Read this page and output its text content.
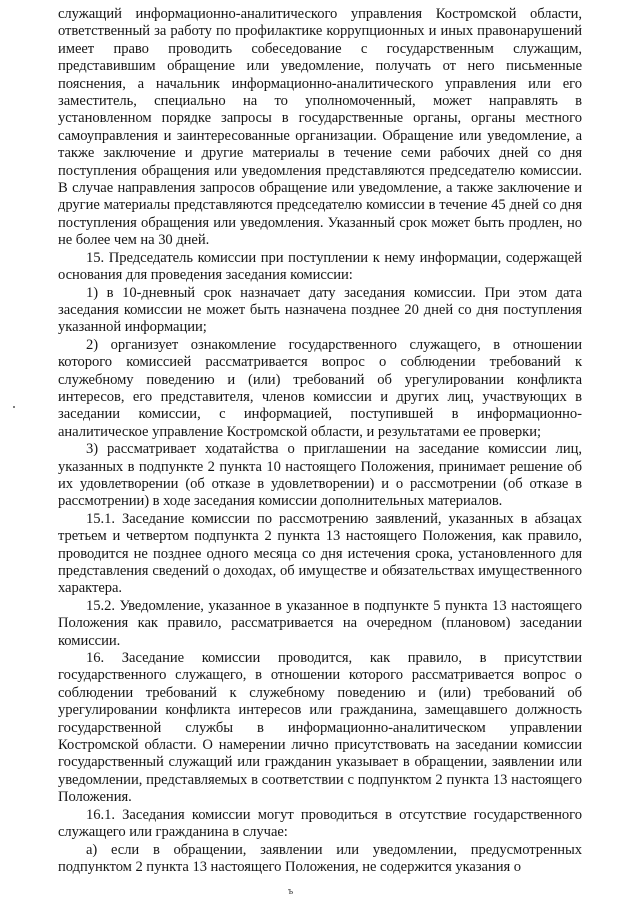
служащий информационно-аналитического управления Костромской области, ответственный за работу по профилактике коррупционных и иных правонарушений имеет право проводить собеседование с государственным служащим, представившим обращение или уведомление, получать от него письменные пояснения, а начальник информационно-аналитического управления или его заместитель, специально на то уполномоченный, может направлять в установленном порядке запросы в государственные органы, органы местного самоуправления и заинтересованные организации. Обращение или уведомление, а также заключение и другие материалы в течение семи рабочих дней со дня поступления обращения или уведомления представляются председателю комиссии. В случае направления запросов обращение или уведомление, а также заключение и другие материалы представляются председателю комиссии в течение 45 дней со дня поступления обращения или уведомления. Указанный срок может быть продлен, но не более чем на 30 дней.

15. Председатель комиссии при поступлении к нему информации, содержащей основания для проведения заседания комиссии:

1) в 10-дневный срок назначает дату заседания комиссии. При этом дата заседания комиссии не может быть назначена позднее 20 дней со дня поступления указанной информации;

2) организует ознакомление государственного служащего, в отношении которого комиссией рассматривается вопрос о соблюдении требований к служебному поведению и (или) требований об урегулировании конфликта интересов, его представителя, членов комиссии и других лиц, участвующих в заседании комиссии, с информацией, поступившей в информационно-аналитическое управление Костромской области, и результатами ее проверки;

3) рассматривает ходатайства о приглашении на заседание комиссии лиц, указанных в подпункте 2 пункта 10 настоящего Положения, принимает решение об их удовлетворении (об отказе в удовлетворении) и о рассмотрении (об отказе в рассмотрении) в ходе заседания комиссии дополнительных материалов.

15.1. Заседание комиссии по рассмотрению заявлений, указанных в абзацах третьем и четвертом подпункта 2 пункта 13 настоящего Положения, как правило, проводится не позднее одного месяца со дня истечения срока, установленного для представления сведений о доходах, об имуществе и обязательствах имущественного характера.

15.2. Уведомление, указанное в указанное в подпункте 5 пункта 13 настоящего Положения как правило, рассматривается на очередном (плановом) заседании комиссии.

16. Заседание комиссии проводится, как правило, в присутствии государственного служащего, в отношении которого рассматривается вопрос о соблюдении требований к служебному поведению и (или) требований об урегулировании конфликта интересов или гражданина, замещавшего должность государственной службы в информационно-аналитическом управлении Костромской области. О намерении лично присутствовать на заседании комиссии государственный служащий или гражданин указывает в обращении, заявлении или уведомлении, представляемых в соответствии с подпунктом 2 пункта 13 настоящего Положения.

16.1. Заседания комиссии могут проводиться в отсутствие государственного служащего или гражданина в случае:

а) если в обращении, заявлении или уведомлении, предусмотренных подпунктом 2 пункта 13 настоящего Положения, не содержится указания о

ъ
